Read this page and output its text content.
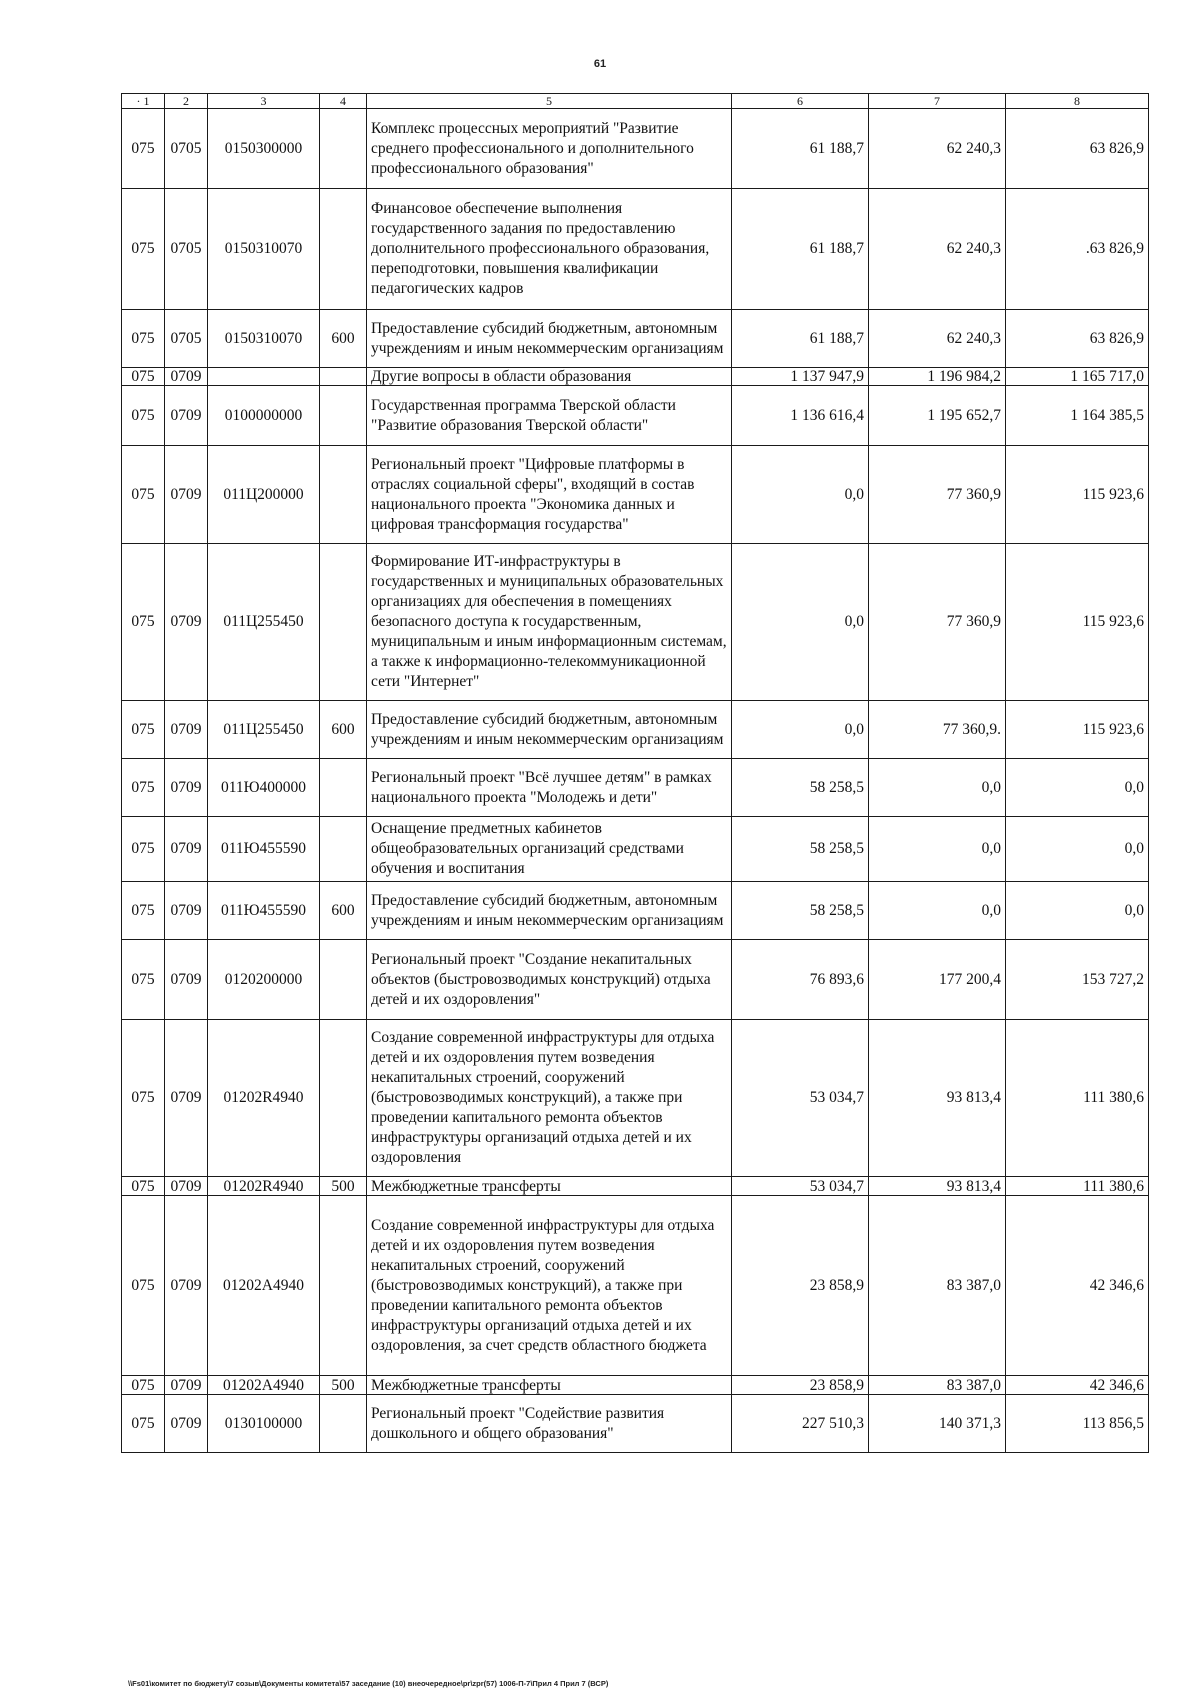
61
· 1	2	3	4	5	6	7	8
075	0705	0150300000		Комплекс процессных мероприятий "Развитие среднего профессионального и дополнительного профессионального образования"	61 188,7	62 240,3	63 826,9
075	0705	0150310070		Финансовое обеспечение выполнения государственного задания по предоставлению дополнительного профессионального образования, переподготовки, повышения квалификации педагогических кадров	61 188,7	62 240,3	.63 826,9
075	0705	0150310070	600	Предоставление субсидий бюджетным, автономным учреждениям и иным некоммерческим организациям	61 188,7	62 240,3	63 826,9
075	0709			Другие вопросы в области образования	1 137 947,9	1 196 984,2	1 165 717,0
075	0709	0100000000		Государственная программа Тверской области "Развитие образования Тверской области"	1 136 616,4	1 195 652,7	1 164 385,5
075	0709	011Ц200000		Региональный проект "Цифровые платформы в отраслях социальной сферы", входящий в состав национального проекта "Экономика данных и цифровая трансформация государства"	0,0	77 360,9	115 923,6
075	0709	011Ц255450		Формирование ИТ-инфраструктуры в государственных и муниципальных образовательных организациях для обеспечения в помещениях безопасного доступа к государственным, муниципальным и иным информационным системам, а также к информационно-телекоммуникационной сети "Интернет"	0,0	77 360,9	115 923,6
075	0709	011Ц255450	600	Предоставление субсидий бюджетным, автономным учреждениям и иным некоммерческим организациям	0,0	77 360,9.	115 923,6
075	0709	011Ю400000		Региональный проект "Всё лучшее детям" в рамках национального проекта "Молодежь и дети"	58 258,5	0,0	0,0
075	0709	011Ю455590		Оснащение предметных кабинетов общеобразовательных организаций средствами обучения и воспитания	58 258,5	0,0	0,0
075	0709	011Ю455590	600	Предоставление субсидий бюджетным, автономным учреждениям и иным некоммерческим организациям	58 258,5	0,0	0,0
075	0709	0120200000		Региональный проект "Создание некапитальных объектов (быстровозводимых конструкций) отдыха детей и их оздоровления"	76 893,6	177 200,4	153 727,2
075	0709	01202R4940		Создание современной инфраструктуры для отдыха детей и их оздоровления путем возведения некапитальных строений, сооружений (быстровозводимых конструкций), а также при проведении капитального ремонта объектов инфраструктуры организаций отдыха детей и их оздоровления	53 034,7	93 813,4	111 380,6
075	0709	01202R4940	500	Межбюджетные трансферты	53 034,7	93 813,4	111 380,6
075	0709	01202A4940		Создание современной инфраструктуры для отдыха детей и их оздоровления путем возведения некапитальных строений, сооружений (быстровозводимых конструкций), а также при проведении капитального ремонта объектов инфраструктуры организаций отдыха детей и их оздоровления, за счет средств областного бюджета	23 858,9	83 387,0	42 346,6
075	0709	01202A4940	500	Межбюджетные трансферты	23 858,9	83 387,0	42 346,6
075	0709	0130100000		Региональный проект "Содействие развития дошкольного и общего образования"	227 510,3	140 371,3	113 856,5
\\Fs01\комитет по бюджету\7 созыв\Документы комитета\57 заседание (10) внеочередное\pr\zpr(57) 1006-П-7\Прил 4 Прил 7 (ВСР)
